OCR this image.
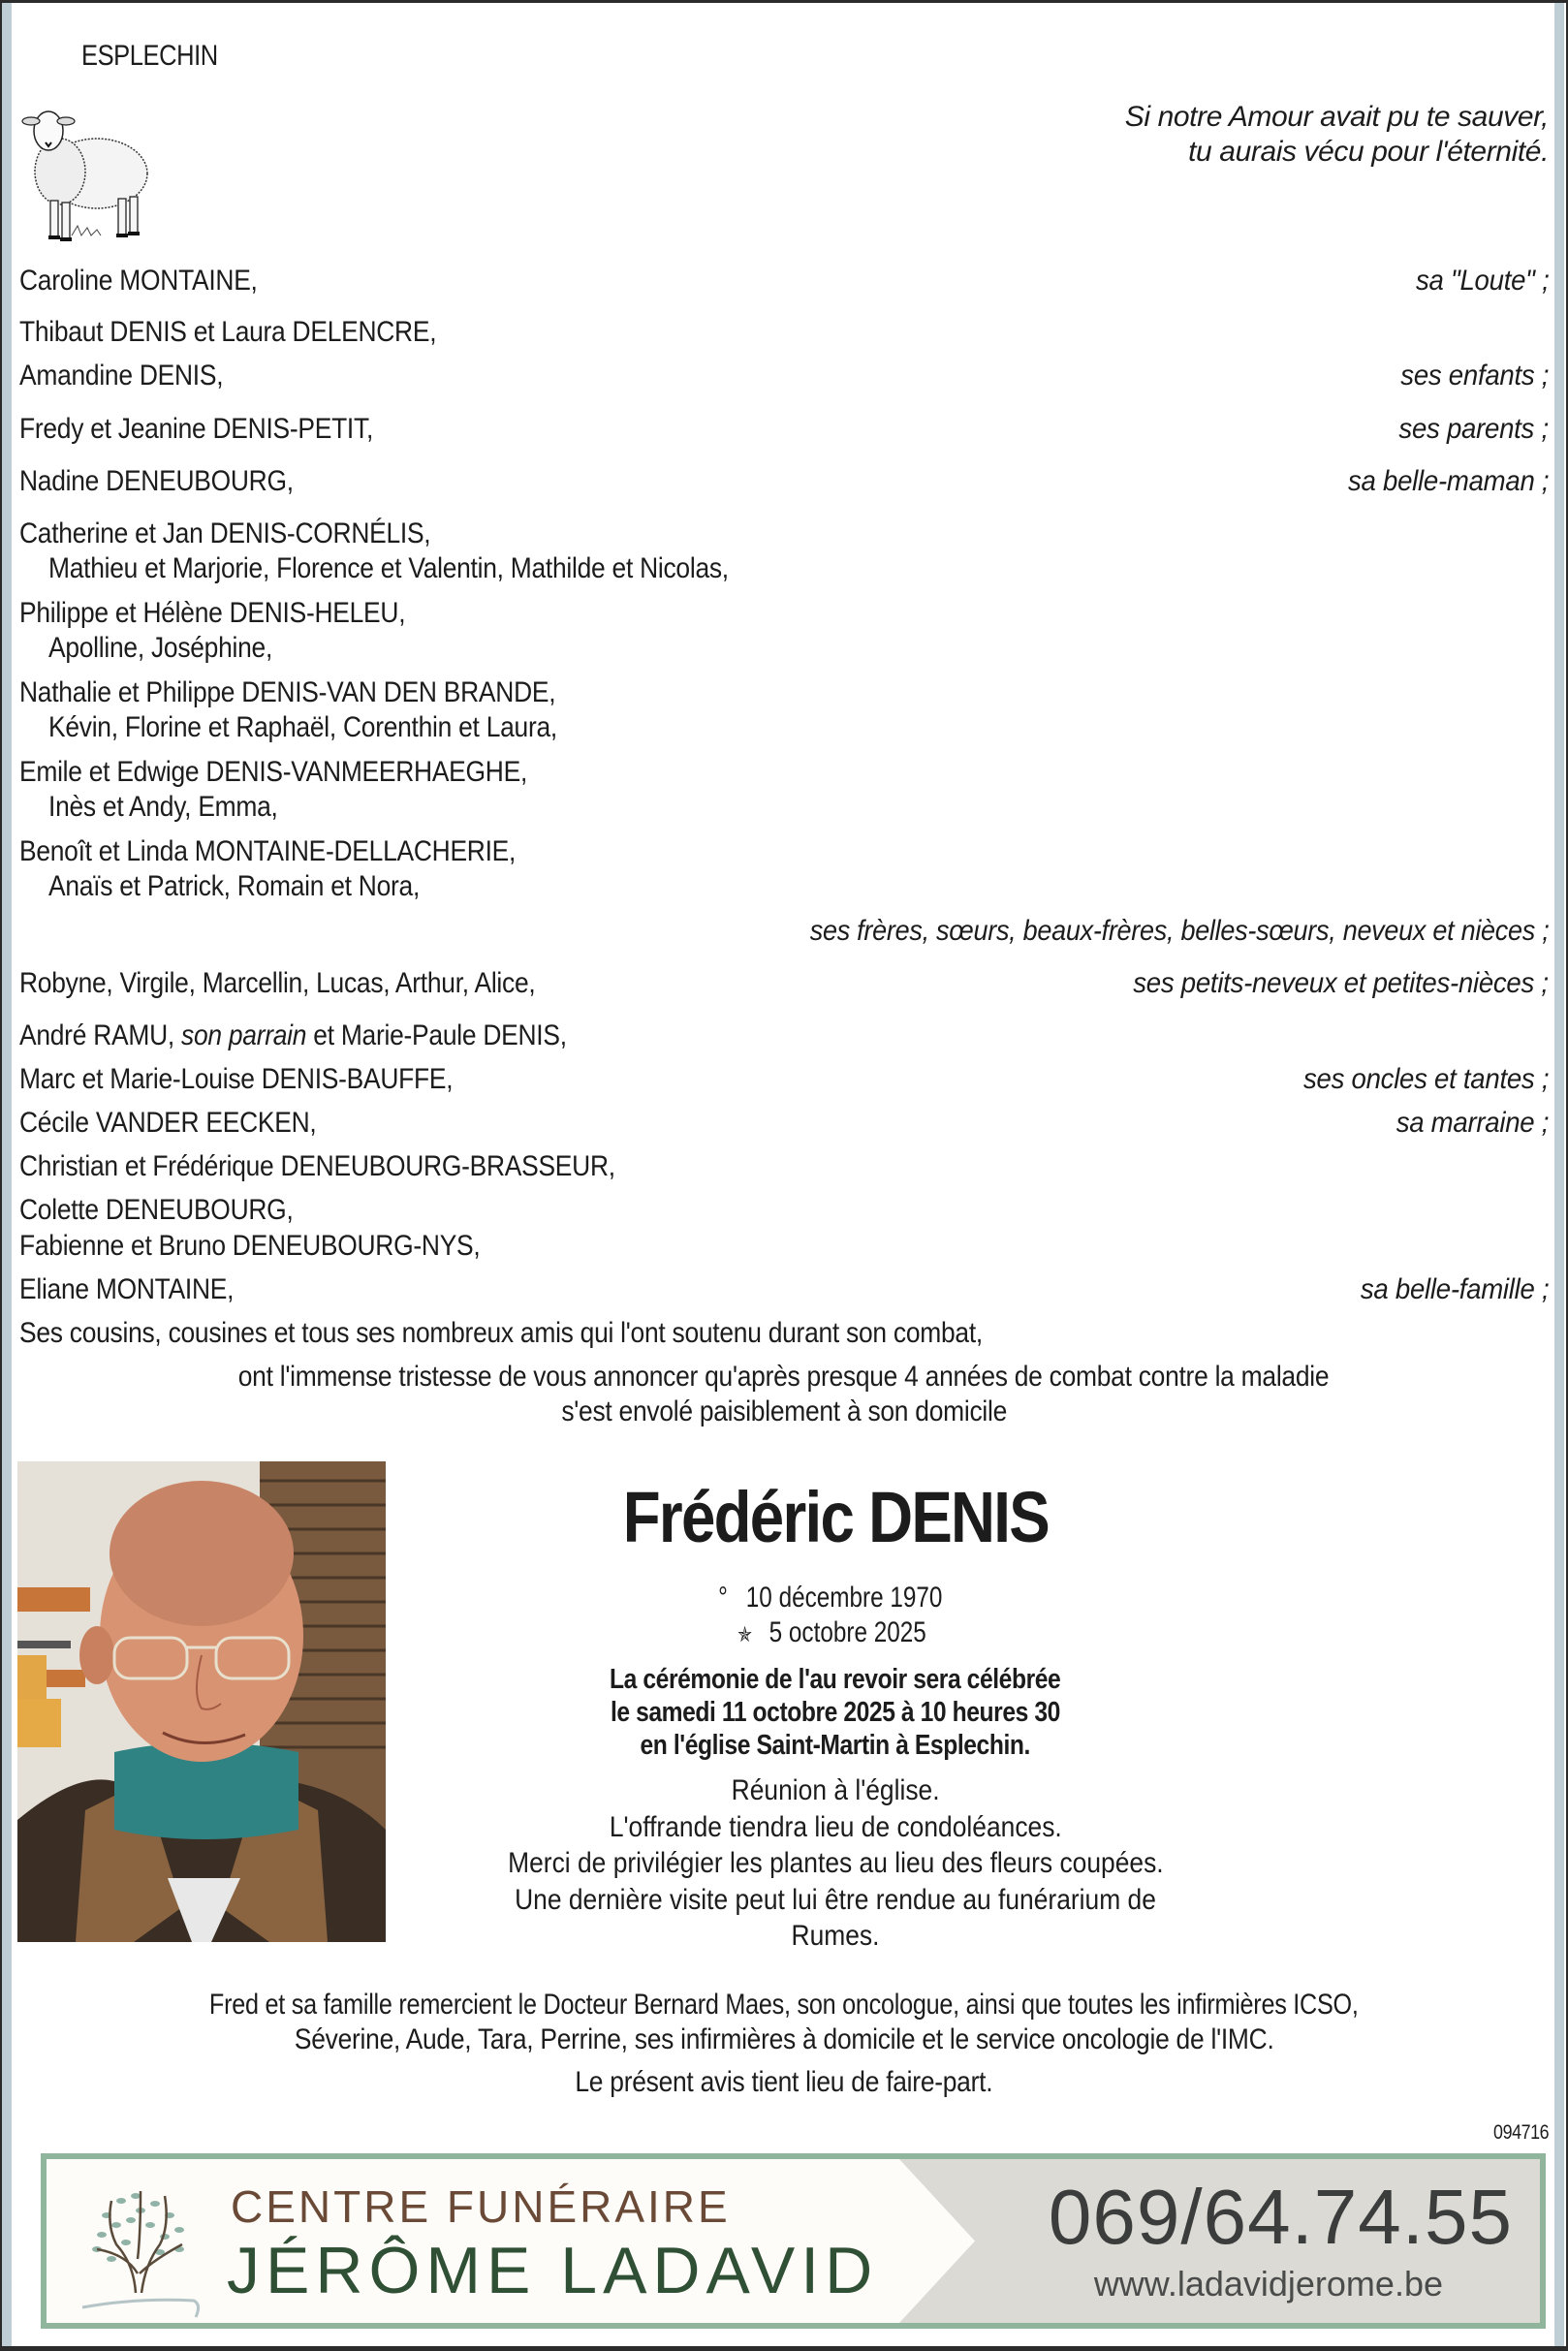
ESPLECHIN
Si notre Amour avait pu te sauver,
tu aurais vécu pour l'éternité.
Caroline MONTAINE,	sa "Loute" ;
Thibaut DENIS et Laura DELENCRE,
Amandine DENIS,	ses enfants ;
Fredy et Jeanine DENIS-PETIT,	ses parents ;
Nadine DENEUBOURG,	sa belle-maman ;
Catherine et Jan DENIS-CORNÉLIS,
Mathieu et Marjorie, Florence et Valentin, Mathilde et Nicolas,
Philippe et Hélène DENIS-HELEU,
Apolline, Joséphine,
Nathalie et Philippe DENIS-VAN DEN BRANDE,
Kévin, Florine et Raphaël, Corenthin et Laura,
Emile et Edwige DENIS-VANMEERHAEGHE,
Inès et Andy, Emma,
Benoît et Linda MONTAINE-DELLACHERIE,
Anaïs et Patrick, Romain et Nora,
ses frères, sœurs, beaux-frères, belles-sœurs, neveux et nièces ;
Robyne, Virgile, Marcellin, Lucas, Arthur, Alice,	ses petits-neveux et petites-nièces ;
André RAMU, son parrain et Marie-Paule DENIS,
Marc et Marie-Louise DENIS-BAUFFE,	ses oncles et tantes ;
Cécile VANDER EECKEN,	sa marraine ;
Christian et Frédérique DENEUBOURG-BRASSEUR,
Colette DENEUBOURG,
Fabienne et Bruno DENEUBOURG-NYS,
Eliane MONTAINE,	sa belle-famille ;
Ses cousins, cousines et tous ses nombreux amis qui l'ont soutenu durant son combat,
ont l'immense tristesse de vous annoncer qu'après presque 4 années de combat contre la maladie
s'est envolé paisiblement à son domicile
Frédéric DENIS
° 10 décembre 1970
✯ 5 octobre 2025
La cérémonie de l'au revoir sera célébrée
le samedi 11 octobre 2025 à 10 heures 30
en l'église Saint-Martin à Esplechin.
Réunion à l'église.
L'offrande tiendra lieu de condoléances.
Merci de privilégier les plantes au lieu des fleurs coupées.
Une dernière visite peut lui être rendue au funérarium de Rumes.
Fred et sa famille remercient le Docteur Bernard Maes, son oncologue, ainsi que toutes les infirmières ICSO,
Séverine, Aude, Tara, Perrine, ses infirmières à domicile et le service oncologie de l'IMC.
Le présent avis tient lieu de faire-part.
094716
CENTRE FUNÉRAIRE
JÉRÔME LADAVID
069/64.74.55
www.ladavidjerome.be
